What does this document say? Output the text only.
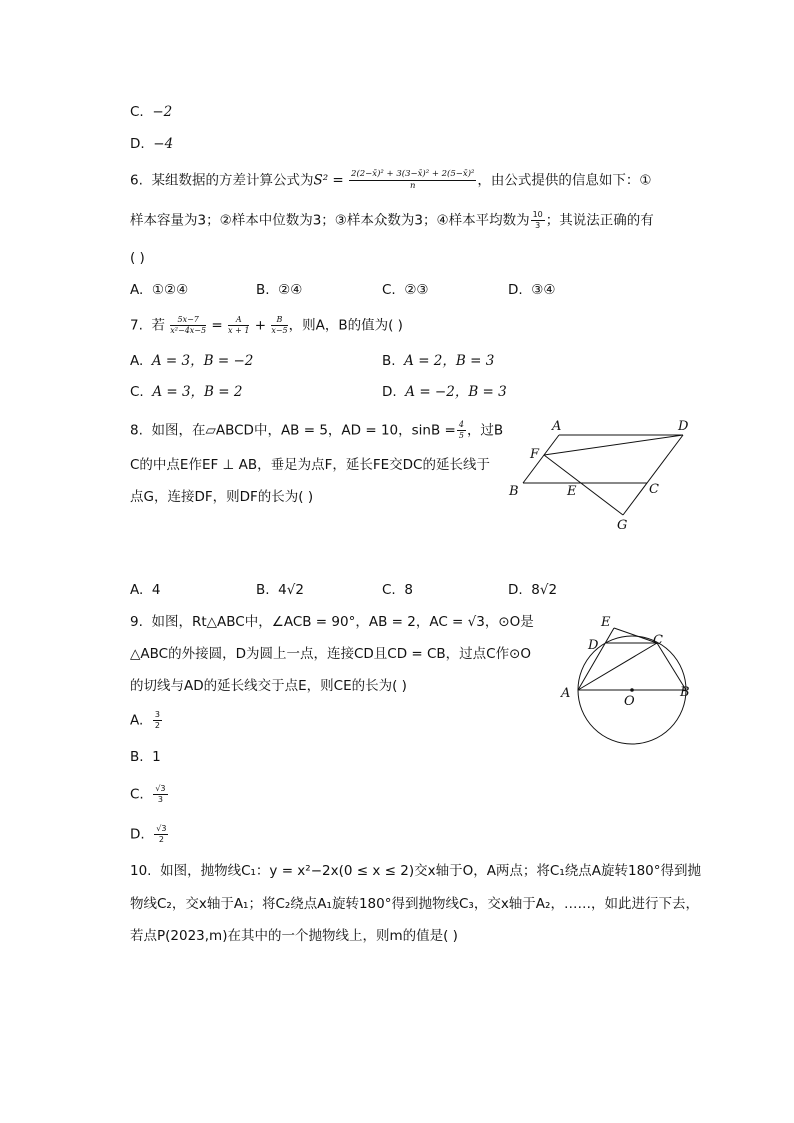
C. −2
D. −4
6. 某组数据的方差计算公式为$S^2 = \frac{\text{2(2−x̄)² + 3(3−x̄)² + 2(5−x̄)²}}{n}$ ，由公式提供的信息如下：①
样本容量为3；②样本中位数为3；③样本众数为3；④样本平均数为 $\frac{10}{3}$ ；其说法正确的有
( )
A. ①②④	B. ②④	C. ②③	D. ③④
7. 若 $\frac{5x-7}{\text{x²−4x−5}} = \frac{A}{x + 1} + \frac{B}{x-5}$ ，则A，B的值为( )
A. A = 3，B = −2	B. A = 2，B = 3
C. A = 3，B = 2	D. A = −2，B = 3
8. 如图，在▱ABCD中，AB = 5，AD = 10，$\sin B = \frac{4}{5}$ ，过B
C的中点E作EF ⊥ AB，垂足为点F，延长FE交DC的延长线于
点G，连接DF，则DF的长为( )
A	D
F
B	E	C
G
A. 4	B. 4√2	C. 8	D. 8√2
9. 如图，Rt△ABC中，∠ACB = 90°，AB = 2，AC = √3，⊙O是
△ABC的外接圆，D为圆上一点，连接CD且CD = CB，过点C作⊙O
的切线与AD的延长线交于点E，则CE的长为( )
E
D	C
A
O
B
A. $\frac{3}{2}$
B. 1
C. $\frac{√3}{3}$
D. $\frac{√3}{2}$
10. 如图，抛物线C₁：y = x²−2x(0 ≤ x ≤ 2)交x轴于O，A两点；将C₁绕点A旋转180°得到抛
物线C₂，交x轴于A₁；将C₂绕点A₁旋转180°得到抛物线C₃，交x轴于A₂，……，如此进行下去，
若点P(2023,m)在其中的一个抛物线上，则m的值是( )
